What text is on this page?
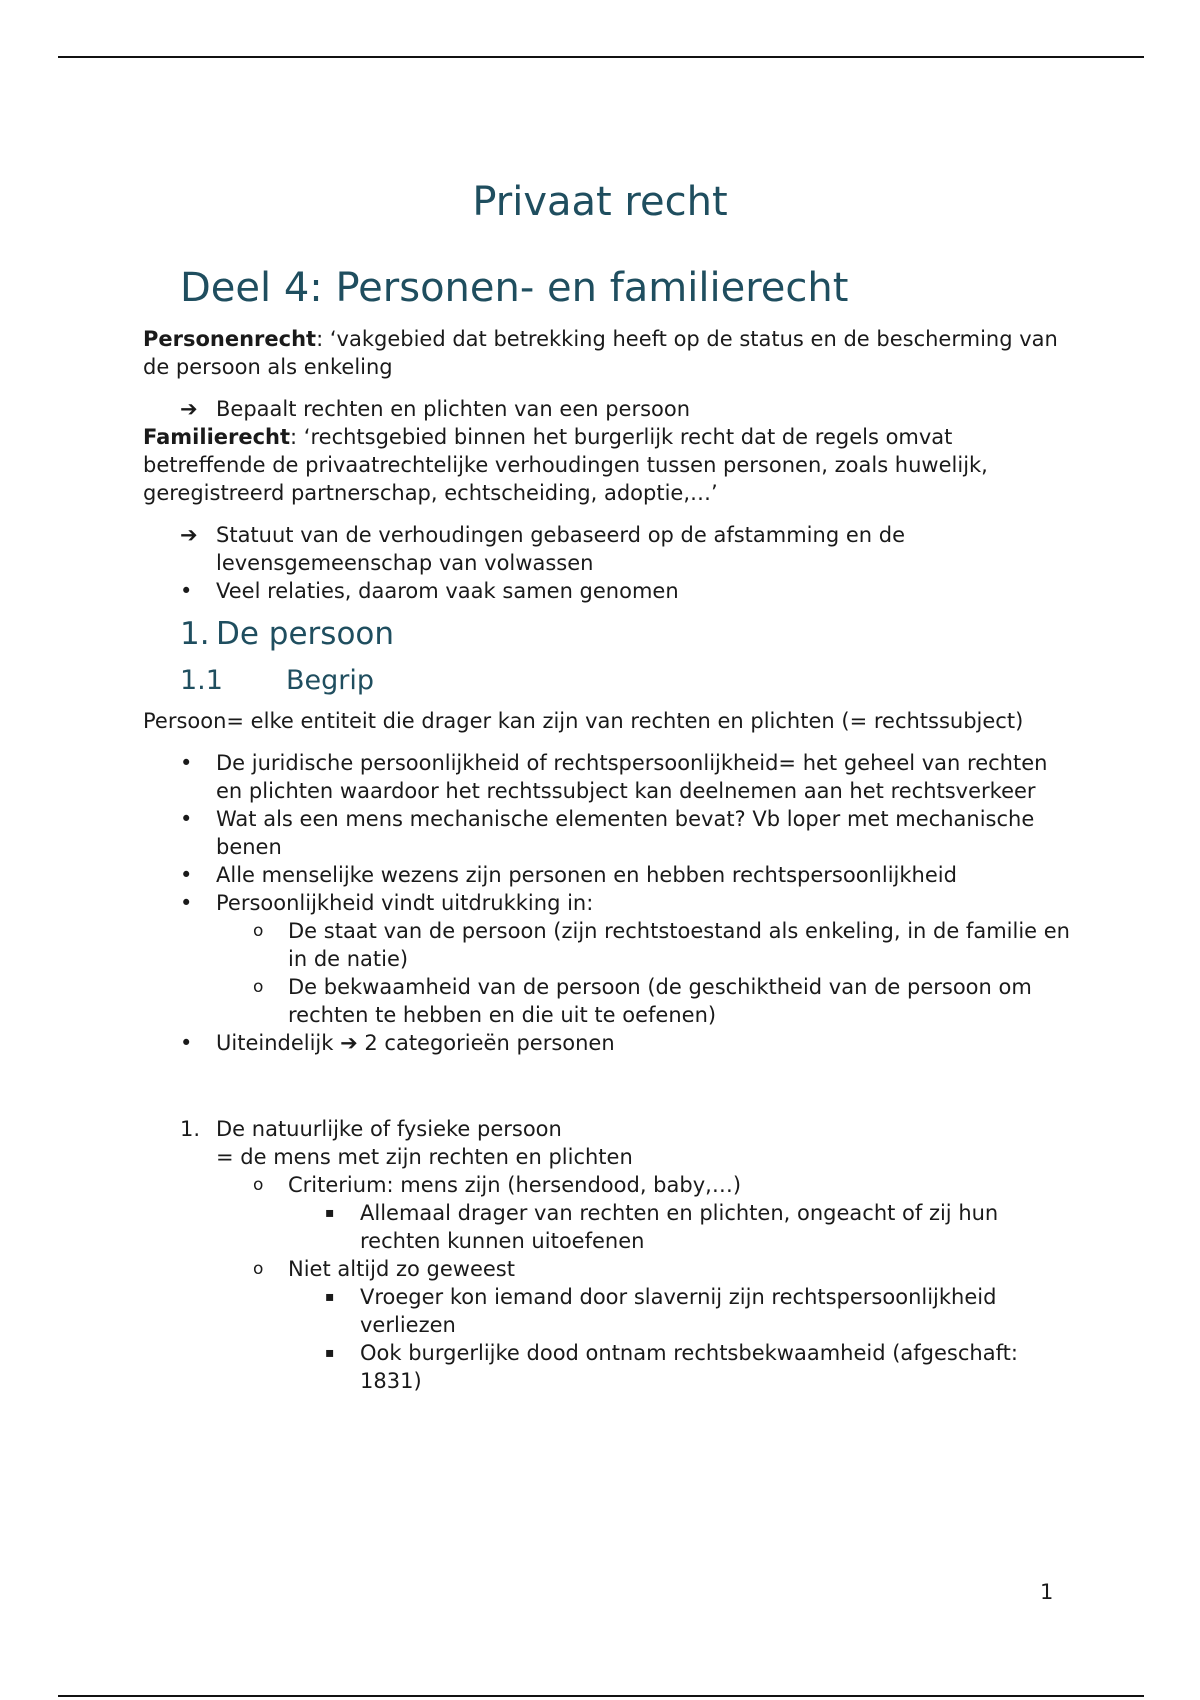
Privaat recht
Deel 4: Personen- en familierecht

Personenrecht: ‘vakgebied dat betrekking heeft op de status en de bescherming van de persoon als enkeling

➔ Bepaalt rechten en plichten van een persoon

Familierecht: ‘rechtsgebied binnen het burgerlijk recht dat de regels omvat betreffende de privaatrechtelijke verhoudingen tussen personen, zoals huwelijk, geregistreerd partnerschap, echtscheiding, adoptie,…’

➔ Statuut van de verhoudingen gebaseerd op de afstamming en de levensgemeenschap van volwassen
• Veel relaties, daarom vaak samen genomen
1. De persoon
1.1 Begrip

Persoon= elke entiteit die drager kan zijn van rechten en plichten (= rechtssubject)

• De juridische persoonlijkheid of rechtspersoonlijkheid= het geheel van rechten en plichten waardoor het rechtssubject kan deelnemen aan het rechtsverkeer
• Wat als een mens mechanische elementen bevat? Vb loper met mechanische benen
• Alle menselijke wezens zijn personen en hebben rechtspersoonlijkheid
• Persoonlijkheid vindt uitdrukking in:
o De staat van de persoon (zijn rechtstoestand als enkeling, in de familie en in de natie)
o De bekwaamheid van de persoon (de geschiktheid van de persoon om rechten te hebben en die uit te oefenen)
• Uiteindelijk ➔ 2 categorieën personen
1. De natuurlijke of fysieke persoon
= de mens met zijn rechten en plichten
o Criterium: mens zijn (hersendood, baby,…)
▪ Allemaal drager van rechten en plichten, ongeacht of zij hun rechten kunnen uitoefenen
o Niet altijd zo geweest
▪ Vroeger kon iemand door slavernij zijn rechtspersoonlijkheid verliezen
▪ Ook burgerlijke dood ontnam rechtsbekwaamheid (afgeschaft: 1831)
1
